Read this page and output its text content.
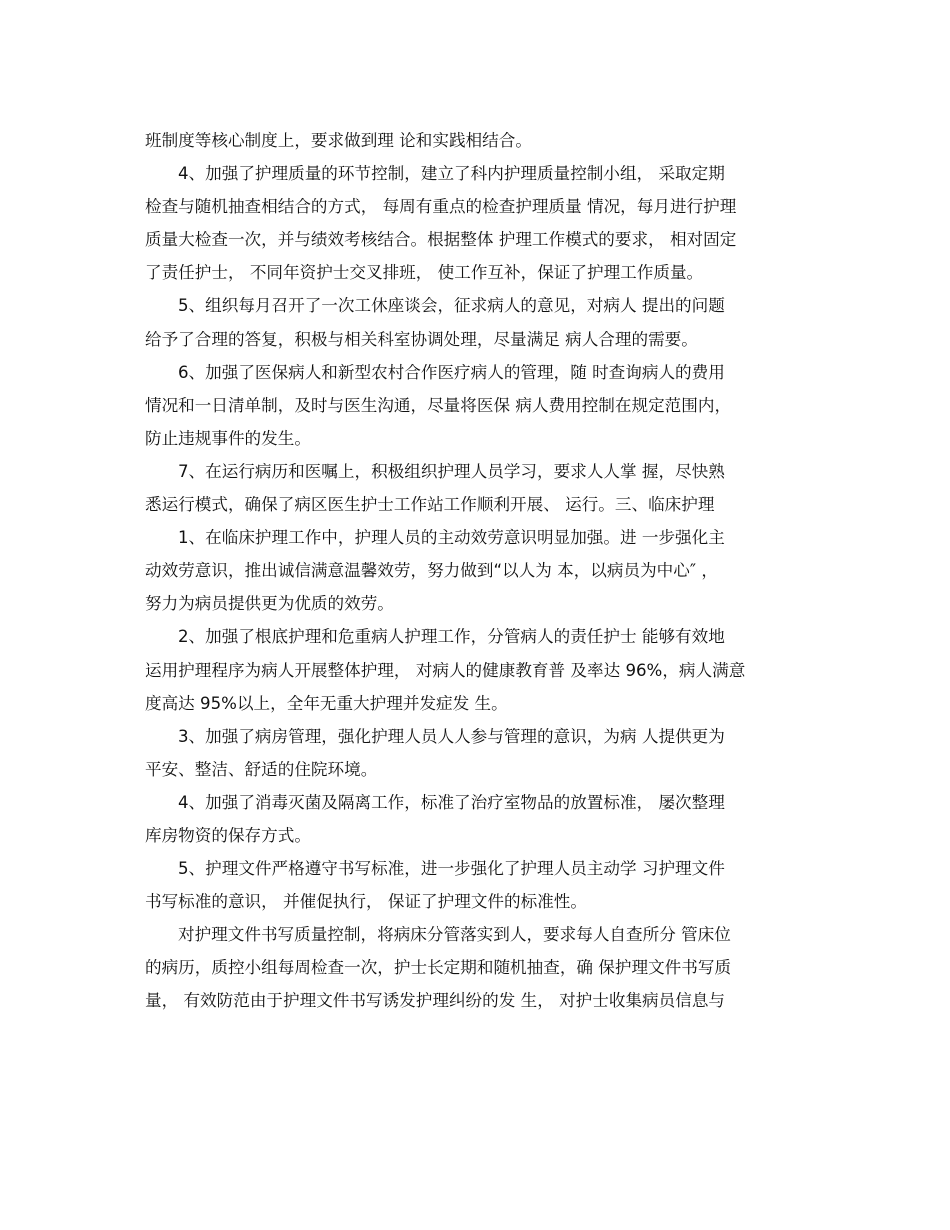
班制度等核心制度上，要求做到理 论和实践相结合。
4、加强了护理质量的环节控制，建立了科内护理质量控制小组， 采取定期
检查与随机抽查相结合的方式， 每周有重点的检查护理质量 情况，每月进行护理
质量大检查一次，并与绩效考核结合。根据整体 护理工作模式的要求， 相对固定
了责任护士， 不同年资护士交叉排班， 使工作互补，保证了护理工作质量。
5、组织每月召开了一次工休座谈会，征求病人的意见，对病人 提出的问题
给予了合理的答复，积极与相关科室协调处理，尽量满足 病人合理的需要。
6、加强了医保病人和新型农村合作医疗病人的管理，随 时查询病人的费用
情况和一日清单制，及时与医生沟通，尽量将医保 病人费用控制在规定范围内，
防止违规事件的发生。
7、在运行病历和医嘱上，积极组织护理人员学习，要求人人掌 握，尽快熟
悉运行模式，确保了病区医生护士工作站工作顺利开展、 运行。三、临床护理
1、在临床护理工作中，护理人员的主动效劳意识明显加强。进 一步强化主
动效劳意识，推出诚信满意温馨效劳，努力做到“以人为 本，以病员为中心″ ，
努力为病员提供更为优质的效劳。
2、加强了根底护理和危重病人护理工作，分管病人的责任护士 能够有效地
运用护理程序为病人开展整体护理， 对病人的健康教育普 及率达 96%，病人满意
度高达 95%以上，全年无重大护理并发症发 生。
3、加强了病房管理，强化护理人员人人参与管理的意识，为病 人提供更为
平安、整洁、舒适的住院环境。
4、加强了消毒灭菌及隔离工作，标准了治疗室物品的放置标准， 屡次整理
库房物资的保存方式。
5、护理文件严格遵守书写标准，进一步强化了护理人员主动学 习护理文件
书写标准的意识， 并催促执行， 保证了护理文件的标准性。
对护理文件书写质量控制，将病床分管落实到人，要求每人自查所分 管床位
的病历，质控小组每周检查一次，护士长定期和随机抽查，确 保护理文件书写质
量， 有效防范由于护理文件书写诱发护理纠纷的发 生， 对护士收集病员信息与
